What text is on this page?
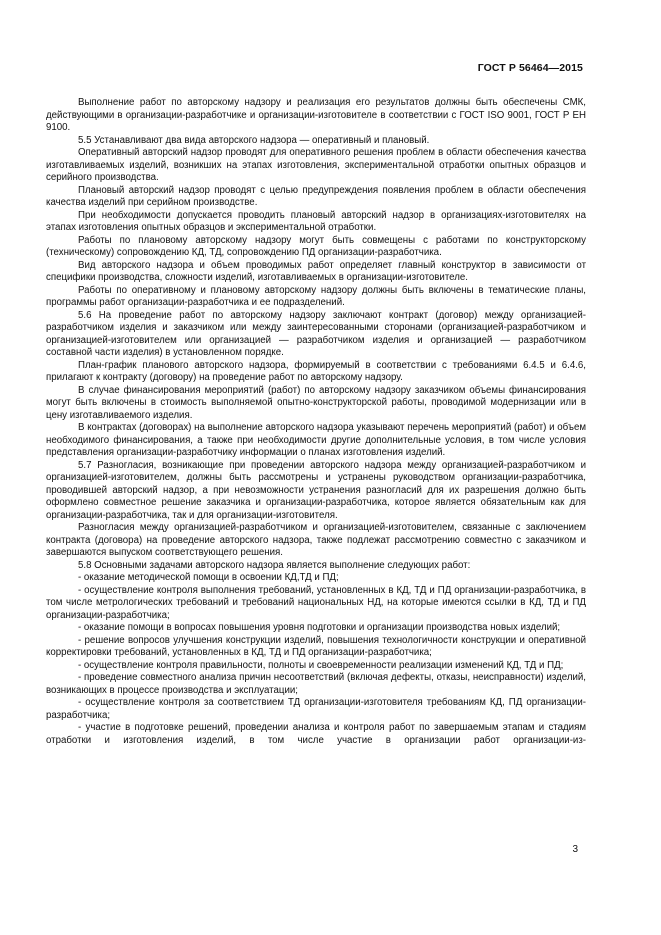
ГОСТ Р 56464—2015

Выполнение работ по авторскому надзору и реализация его результатов должны быть обеспечены СМК, действующими в организации-разработчике и организации-изготовителе в соответствии с ГОСТ ISO 9001, ГОСТ Р ЕН 9100.

5.5 Устанавливают два вида авторского надзора — оперативный и плановый.

Оперативный авторский надзор проводят для оперативного решения проблем в области обеспечения качества изготавливаемых изделий, возникших на этапах изготовления, экспериментальной отработки опытных образцов и серийного производства.

Плановый авторский надзор проводят с целью предупреждения появления проблем в области обеспечения качества изделий при серийном производстве.

При необходимости допускается проводить плановый авторский надзор в организациях-изготовителях на этапах изготовления опытных образцов и экспериментальной отработки.

Работы по плановому авторскому надзору могут быть совмещены с работами по конструкторскому (техническому) сопровождению КД, ТД, сопровождению ПД организации-разработчика.

Вид авторского надзора и объем проводимых работ определяет главный конструктор в зависимости от специфики производства, сложности изделий, изготавливаемых в организации-изготовителе.

Работы по оперативному и плановому авторскому надзору должны быть включены в тематические планы, программы работ организации-разработчика и ее подразделений.

5.6 На проведение работ по авторскому надзору заключают контракт (договор) между организацией-разработчиком изделия и заказчиком или между заинтересованными сторонами (организацией-разработчиком и организацией-изготовителем или организацией — разработчиком изделия и организацией — разработчиком составной части изделия) в установленном порядке.

План-график планового авторского надзора, формируемый в соответствии с требованиями 6.4.5 и 6.4.6, прилагают к контракту (договору) на проведение работ по авторскому надзору.

В случае финансирования мероприятий (работ) по авторскому надзору заказчиком объемы финансирования могут быть включены в стоимость выполняемой опытно-конструкторской работы, проводимой модернизации или в цену изготавливаемого изделия.

В контрактах (договорах) на выполнение авторского надзора указывают перечень мероприятий (работ) и объем необходимого финансирования, а также при необходимости другие дополнительные условия, в том числе условия представления организации-разработчику информации о планах изготовления изделий.

5.7 Разногласия, возникающие при проведении авторского надзора между организацией-разработчиком и организацией-изготовителем, должны быть рассмотрены и устранены руководством организации-разработчика, проводившей авторский надзор, а при невозможности устранения разногласий для их разрешения должно быть оформлено совместное решение заказчика и организации-разработчика, которое является обязательным как для организации-разработчика, так и для организации-изготовителя.

Разногласия между организацией-разработчиком и организацией-изготовителем, связанные с заключением контракта (договора) на проведение авторского надзора, также подлежат рассмотрению совместно с заказчиком и завершаются выпуском соответствующего решения.

5.8 Основными задачами авторского надзора является выполнение следующих работ:

- оказание методической помощи в освоении КД,ТД и ПД;

- осуществление контроля выполнения требований, установленных в КД, ТД и ПД организации-разработчика, в том числе метрологических требований и требований национальных НД, на которые имеются ссылки в КД, ТД и ПД организации-разработчика;

- оказание помощи в вопросах повышения уровня подготовки и организации производства новых изделий;

- решение вопросов улучшения конструкции изделий, повышения технологичности конструкции и оперативной корректировки требований, установленных в КД, ТД и ПД организации-разработчика;

- осуществление контроля правильности, полноты и своевременности реализации изменений КД, ТД и ПД;

- проведение совместного анализа причин несоответствий (включая дефекты, отказы, неисправности) изделий, возникающих в процессе производства и эксплуатации;

- осуществление контроля за соответствием ТД организации-изготовителя требованиям КД, ПД организации-разработчика;

- участие в подготовке решений, проведении анализа и контроля работ по завершаемым этапам и стадиям отработки и изготовления изделий, в том числе участие в организации работ организации-из-

3
